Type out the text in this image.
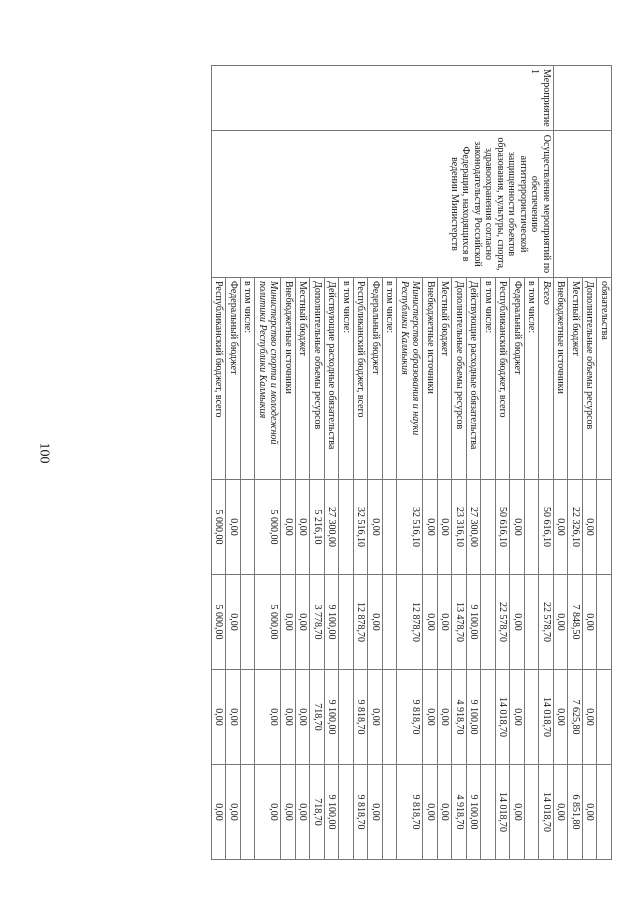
100
		обязательства				
		Дополнительные объемы ресурсов	0,00	0,00	0,00	0,00
		Местный бюджет	22 326,10	7 848,50	7 625,80	6 851,80
		Внебюджетные источники	0,00	0,00	0,00	0,00
Мероприятие 1	Осуществление мероприятий по обеспечению антитеррористической защищенности объектов образования, культуры, спорта, здравоохранения согласно законодательству Российской Федерации, находящихся в ведении Министерств	Всего	50 616,10	22 578,70	14 018,70	14 018,70
		в том числе:				
		Федеральный бюджет	0,00	0,00	0,00	0,00
		Республиканский бюджет, всего	50 616,10	22 578,70	14 018,70	14 018,70
		в том числе:				
		Действующие расходные обязательства	27 300,00	9 100,00	9 100,00	9 100,00
		Дополнительные объемы ресурсов	23 316,10	13 478,70	4 918,70	4 918,70
		Местный бюджет	0,00	0,00	0,00	0,00
		Внебюджетные источники	0,00	0,00	0,00	0,00
		Министерство образования и науки Республики Калмыкия	32 516,10	12 878,70	9 818,70	9 818,70
		в том числе:				
		Федеральный бюджет	0,00	0,00	0,00	0,00
		Республиканский бюджет, всего	32 516,10	12 878,70	9 818,70	9 818,70
		в том числе:				
		Действующие расходные обязательства	27 300,00	9 100,00	9 100,00	9 100,00
		Дополнительные объемы ресурсов	5 216,10	3 778,70	718,70	718,70
		Местный бюджет	0,00	0,00	0,00	0,00
		Внебюджетные источники	0,00	0,00	0,00	0,00
		Министерство спорта и молодежной политики Республики Калмыкия	5 000,00	5 000,00	0,00	0,00
		в том числе:				
		Федеральный бюджет	0,00	0,00	0,00	0,00
		Республиканский бюджет, всего	5 000,00	5 000,00	0,00	0,00
